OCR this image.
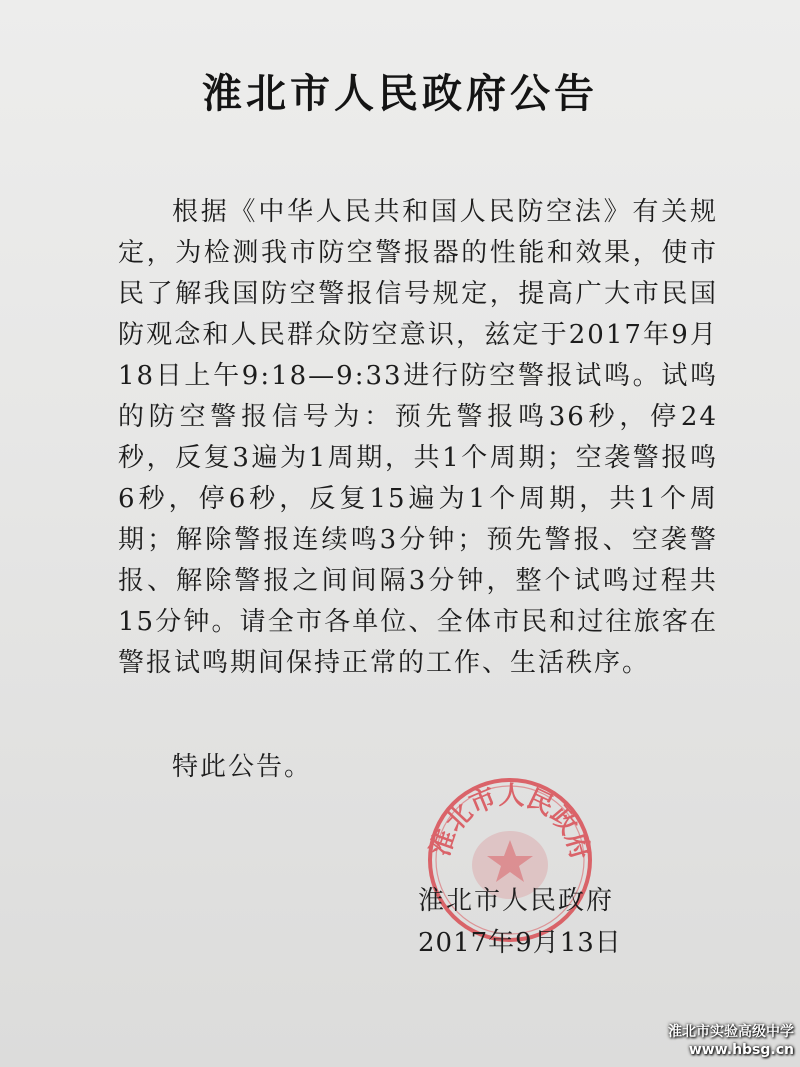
淮北市人民政府公告

根据《中华人民共和国人民防空法》有关规定，为检测我市防空警报器的性能和效果，使市民了解我国防空警报信号规定，提高广大市民国防观念和人民群众防空意识，兹定于2017年9月18日上午9:18—9:33进行防空警报试鸣。试鸣的防空警报信号为：预先警报鸣36秒，停24秒，反复3遍为1周期，共1个周期；空袭警报鸣6秒，停6秒，反复15遍为1个周期，共1个周期；解除警报连续鸣3分钟；预先警报、空袭警报、解除警报之间间隔3分钟，整个试鸣过程共15分钟。请全市各单位、全体市民和过往旅客在警报试鸣期间保持正常的工作、生活秩序。

特此公告。
淮北市人民政府
淮北市人民政府
2017年9月13日
淮北市实验高级中学
www.hbsg.cn
